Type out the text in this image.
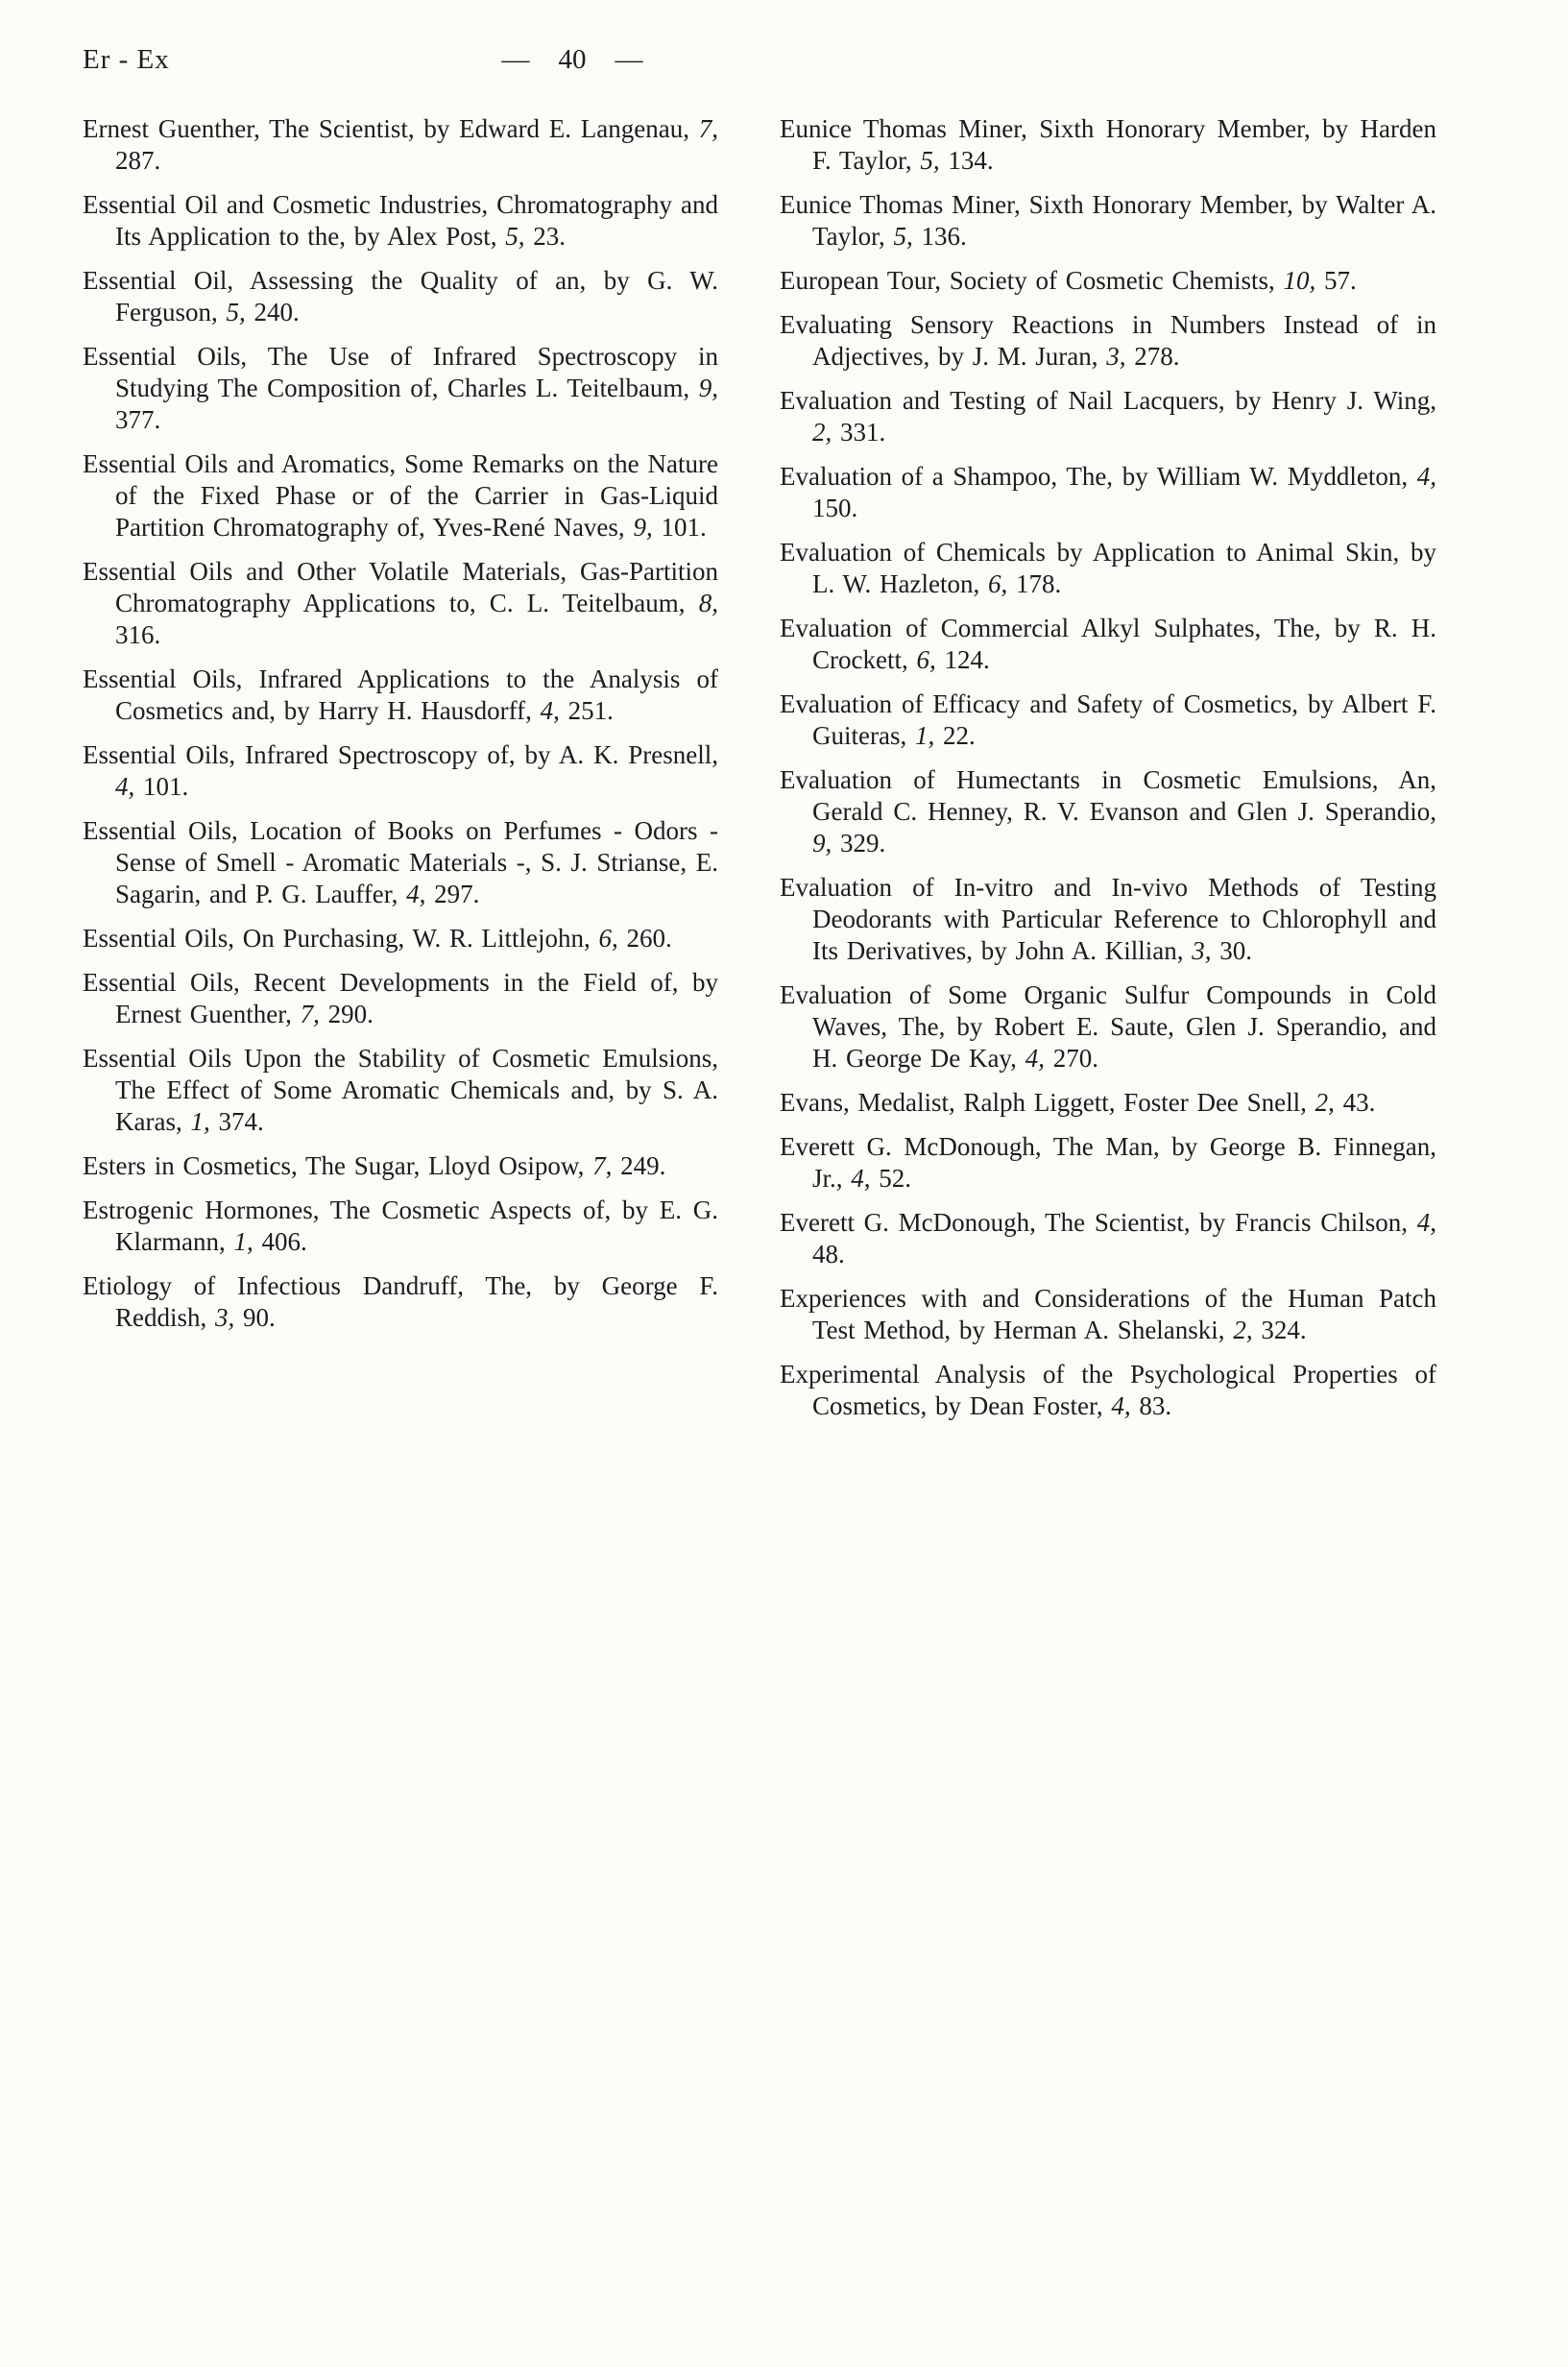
Er - Ex	— 40 —

Ernest Guenther, The Scientist, by Edward E. Langenau, 7, 287.

Essential Oil and Cosmetic Industries, Chromatography and Its Application to the, by Alex Post, 5, 23.

Essential Oil, Assessing the Quality of an, by G. W. Ferguson, 5, 240.

Essential Oils, The Use of Infrared Spectroscopy in Studying The Composition of, Charles L. Teitelbaum, 9, 377.

Essential Oils and Aromatics, Some Remarks on the Nature of the Fixed Phase or of the Carrier in Gas-Liquid Partition Chromatography of, Yves-René Naves, 9, 101.

Essential Oils and Other Volatile Materials, Gas-Partition Chromatography Applications to, C. L. Teitelbaum, 8, 316.

Essential Oils, Infrared Applications to the Analysis of Cosmetics and, by Harry H. Hausdorff, 4, 251.

Essential Oils, Infrared Spectroscopy of, by A. K. Presnell, 4, 101.

Essential Oils, Location of Books on Perfumes - Odors - Sense of Smell - Aromatic Materials -, S. J. Strianse, E. Sagarin, and P. G. Lauffer, 4, 297.

Essential Oils, On Purchasing, W. R. Littlejohn, 6, 260.

Essential Oils, Recent Developments in the Field of, by Ernest Guenther, 7, 290.

Essential Oils Upon the Stability of Cosmetic Emulsions, The Effect of Some Aromatic Chemicals and, by S. A. Karas, 1, 374.

Esters in Cosmetics, The Sugar, Lloyd Osipow, 7, 249.

Estrogenic Hormones, The Cosmetic Aspects of, by E. G. Klarmann, 1, 406.

Etiology of Infectious Dandruff, The, by George F. Reddish, 3, 90.

Eunice Thomas Miner, Sixth Honorary Member, by Harden F. Taylor, 5, 134.

Eunice Thomas Miner, Sixth Honorary Member, by Walter A. Taylor, 5, 136.

European Tour, Society of Cosmetic Chemists, 10, 57.

Evaluating Sensory Reactions in Numbers Instead of in Adjectives, by J. M. Juran, 3, 278.

Evaluation and Testing of Nail Lacquers, by Henry J. Wing, 2, 331.

Evaluation of a Shampoo, The, by William W. Myddleton, 4, 150.

Evaluation of Chemicals by Application to Animal Skin, by L. W. Hazleton, 6, 178.

Evaluation of Commercial Alkyl Sulphates, The, by R. H. Crockett, 6, 124.

Evaluation of Efficacy and Safety of Cosmetics, by Albert F. Guiteras, 1, 22.

Evaluation of Humectants in Cosmetic Emulsions, An, Gerald C. Henney, R. V. Evanson and Glen J. Sperandio, 9, 329.

Evaluation of In-vitro and In-vivo Methods of Testing Deodorants with Particular Reference to Chlorophyll and Its Derivatives, by John A. Killian, 3, 30.

Evaluation of Some Organic Sulfur Compounds in Cold Waves, The, by Robert E. Saute, Glen J. Sperandio, and H. George De Kay, 4, 270.

Evans, Medalist, Ralph Liggett, Foster Dee Snell, 2, 43.

Everett G. McDonough, The Man, by George B. Finnegan, Jr., 4, 52.

Everett G. McDonough, The Scientist, by Francis Chilson, 4, 48.

Experiences with and Considerations of the Human Patch Test Method, by Herman A. Shelanski, 2, 324.

Experimental Analysis of the Psychological Properties of Cosmetics, by Dean Foster, 4, 83.
